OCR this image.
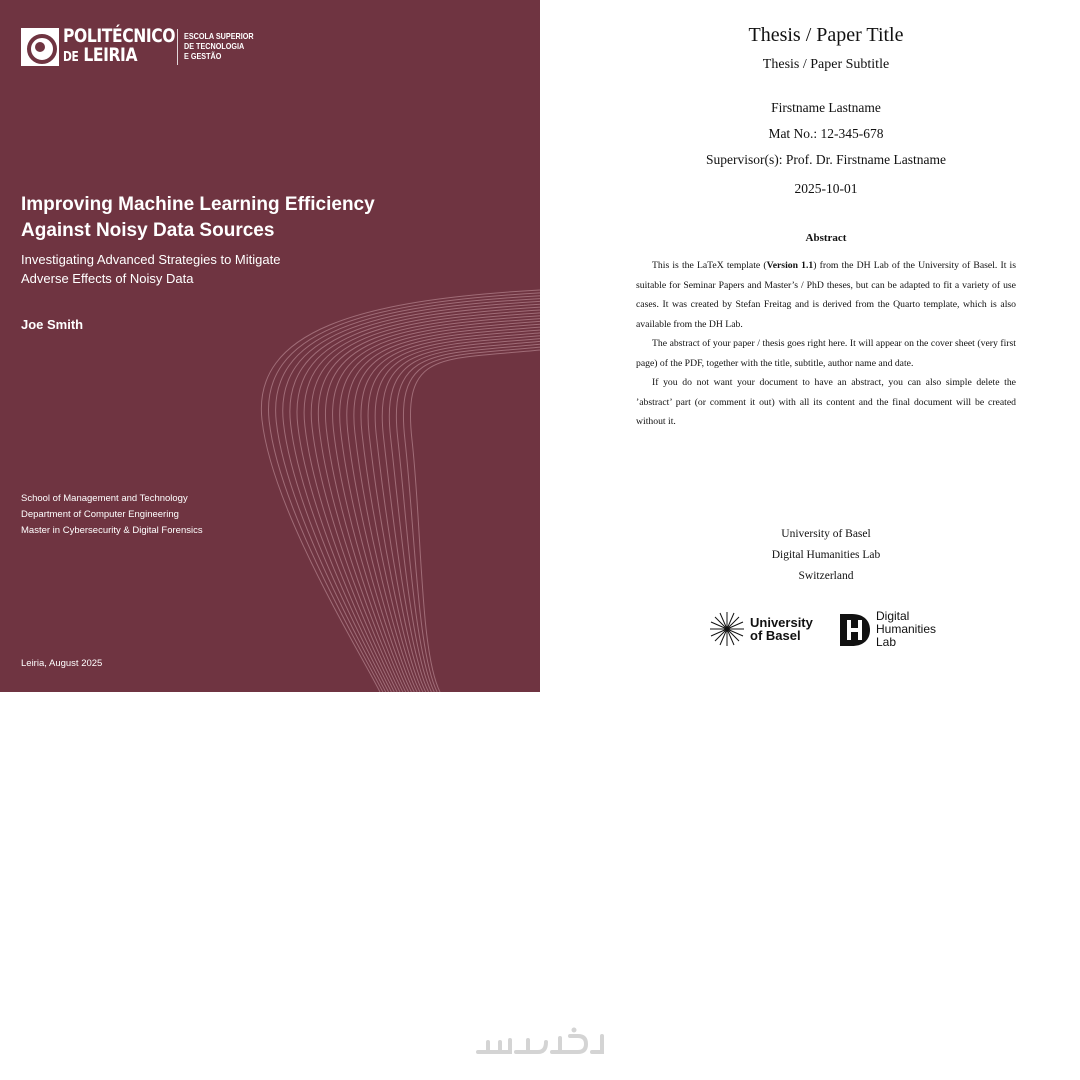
POLITÉCNICO
DE LEIRIA
ESCOLA SUPERIOR
DE TECNOLOGIA
E GESTÃO
Improving Machine Learning Efficiency
Against Noisy Data Sources

Investigating Advanced Strategies to Mitigate
Adverse Effects of Noisy Data

Joe Smith
School of Management and Technology
Department of Computer Engineering
Master in Cybersecurity & Digital Forensics
Leiria, August 2025
Thesis / Paper Title
Thesis / Paper Subtitle
Firstname Lastname
Mat No.: 12-345-678
Supervisor(s): Prof. Dr. Firstname Lastname
2025-10-01
Abstract

This is the LaTeX template (Version 1.1) from the DH Lab of the University of Basel. It is suitable for Seminar Papers and Master’s / PhD theses, but can be adapted to fit a variety of use cases. It was created by Stefan Freitag and is derived from the Quarto template, which is also available from the DH Lab.

The abstract of your paper / thesis goes right here. It will appear on the cover sheet (very first page) of the PDF, together with the title, subtitle, author name and date.

If you do not want your document to have an abstract, you can also simple delete the ’abstract’ part (or comment it out) with all its content and the final document will be created without it.

University of Basel
Digital Humanities Lab
Switzerland
University
of Basel
Digital
Humanities
Lab
